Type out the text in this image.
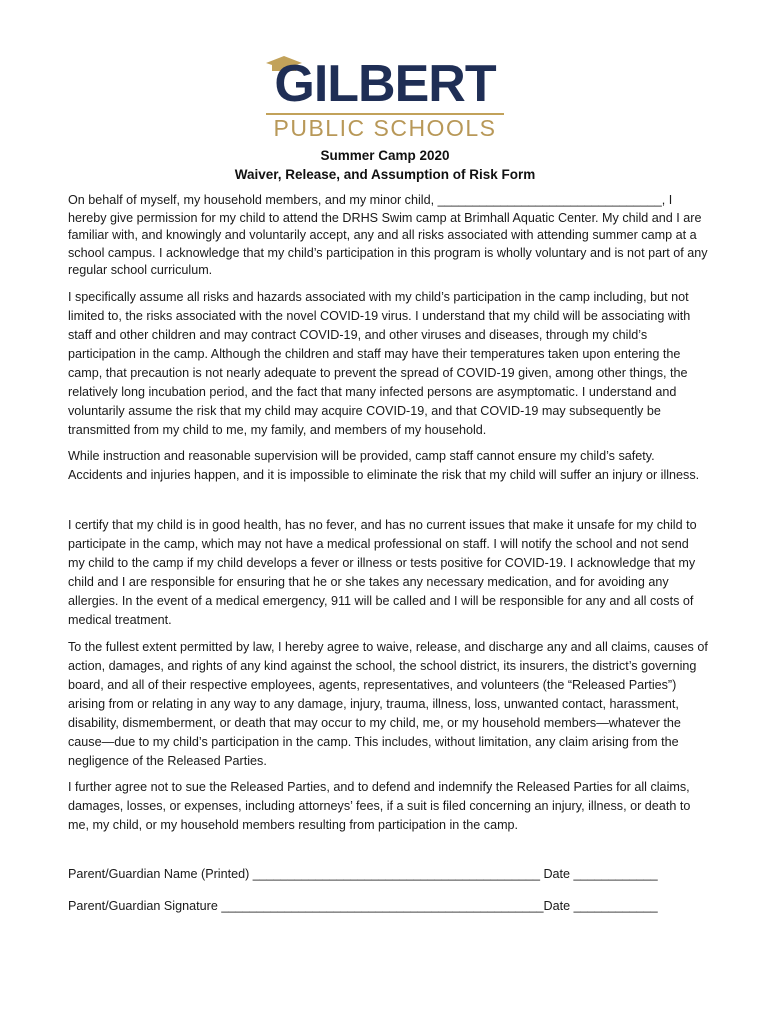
GILBERT
PUBLIC SCHOOLS
Summer Camp 2020
Waiver, Release, and Assumption of Risk Form

On behalf of myself, my household members, and my minor child, ________________________________, I hereby give permission for my child to attend the DRHS Swim camp at Brimhall Aquatic Center. My child and I are familiar with, and knowingly and voluntarily accept, any and all risks associated with attending summer camp at a school campus. I acknowledge that my child’s participation in this program is wholly voluntary and is not part of any regular school curriculum.

I specifically assume all risks and hazards associated with my child’s participation in the camp including, but not limited to, the risks associated with the novel COVID-19 virus. I understand that my child will be associating with staff and other children and may contract COVID-19, and other viruses and diseases, through my child’s participation in the camp. Although the children and staff may have their temperatures taken upon entering the camp, that precaution is not nearly adequate to prevent the spread of COVID-19 given, among other things, the relatively long incubation period, and the fact that many infected persons are asymptomatic. I understand and voluntarily assume the risk that my child may acquire COVID-19, and that COVID-19 may subsequently be transmitted from my child to me, my family, and members of my household.

While instruction and reasonable supervision will be provided, camp staff cannot ensure my child’s safety. Accidents and injuries happen, and it is impossible to eliminate the risk that my child will suffer an injury or illness.

I certify that my child is in good health, has no fever, and has no current issues that make it unsafe for my child to participate in the camp, which may not have a medical professional on staff. I will notify the school and not send my child to the camp if my child develops a fever or illness or tests positive for COVID-19. I acknowledge that my child and I are responsible for ensuring that he or she takes any necessary medication, and for avoiding any allergies. In the event of a medical emergency, 911 will be called and I will be responsible for any and all costs of medical treatment.

To the fullest extent permitted by law, I hereby agree to waive, release, and discharge any and all claims, causes of action, damages, and rights of any kind against the school, the school district, its insurers, the district’s governing board, and all of their respective employees, agents, representatives, and volunteers (the “Released Parties”) arising from or relating in any way to any damage, injury, trauma, illness, loss, unwanted contact, harassment, disability, dismemberment, or death that may occur to my child, me, or my household members—whatever the cause—due to my child’s participation in the camp. This includes, without limitation, any claim arising from the negligence of the Released Parties.

I further agree not to sue the Released Parties, and to defend and indemnify the Released Parties for all claims, damages, losses, or expenses, including attorneys’ fees, if a suit is filed concerning an injury, illness, or death to me, my child, or my household members resulting from participation in the camp.

Parent/Guardian Name (Printed) _________________________________________ Date ____________
Parent/Guardian Signature ______________________________________________Date ____________
